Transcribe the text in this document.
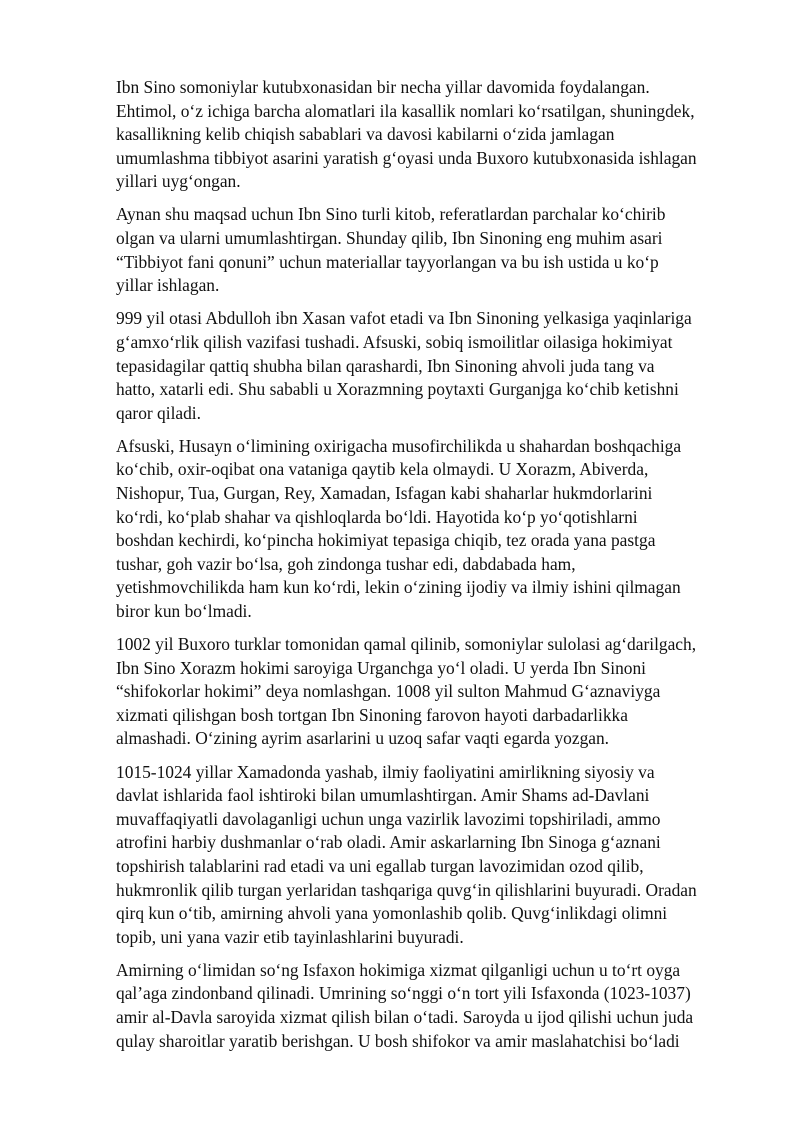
Ibn Sino somoniylar kutubxonasidan bir necha yillar davomida foydalangan.
Ehtimol, o‘z ichiga barcha alomatlari ila kasallik nomlari ko‘rsatilgan, shuningdek,
kasallikning kelib chiqish sabablari va davosi kabilarni o‘zida jamlagan
umumlashma tibbiyot asarini yaratish g‘oyasi unda Buxoro kutubxonasida ishlagan
yillari uyg‘ongan.

Aynan shu maqsad uchun Ibn Sino turli kitob, referatlardan parchalar ko‘chirib
olgan va ularni umumlashtirgan. Shunday qilib, Ibn Sinoning eng muhim asari
“Tibbiyot fani qonuni” uchun materiallar tayyorlangan va bu ish ustida u ko‘p
yillar ishlagan.

999 yil otasi Abdulloh ibn Xasan vafot etadi va Ibn Sinoning yelkasiga yaqinlariga
g‘amxo‘rlik qilish vazifasi tushadi. Afsuski, sobiq ismoilitlar oilasiga hokimiyat
tepasidagilar qattiq shubha bilan qarashardi, Ibn Sinoning ahvoli juda tang va
hatto, xatarli edi. Shu sababli u Xorazmning poytaxti Gurganjga ko‘chib ketishni
qaror qiladi.

Afsuski, Husayn o‘limining oxirigacha musofirchilikda u shahardan boshqachiga
ko‘chib, oxir-oqibat ona vataniga qaytib kela olmaydi. U Xorazm, Abiverda,
Nishopur, Tua, Gurgan, Rey, Xamadan, Isfagan kabi shaharlar hukmdorlarini
ko‘rdi, ko‘plab shahar va qishloqlarda bo‘ldi. Hayotida ko‘p yo‘qotishlarni
boshdan kechirdi, ko‘pincha hokimiyat tepasiga chiqib, tez orada yana pastga
tushar, goh vazir bo‘lsa, goh zindonga tushar edi, dabdabada ham,
yetishmovchilikda ham kun ko‘rdi, lekin o‘zining ijodiy va ilmiy ishini qilmagan
biror kun bo‘lmadi.

1002 yil Buxoro turklar tomonidan qamal qilinib, somoniylar sulolasi ag‘darilgach,
Ibn Sino Xorazm hokimi saroyiga Urganchga yo‘l oladi. U yerda Ibn Sinoni
“shifokorlar hokimi” deya nomlashgan. 1008 yil sulton Mahmud G‘aznaviyga
xizmati qilishgan bosh tortgan Ibn Sinoning farovon hayoti darbadarlikka
almashadi. O‘zining ayrim asarlarini u uzoq safar vaqti egarda yozgan.

1015-1024 yillar Xamadonda yashab, ilmiy faoliyatini amirlikning siyosiy va
davlat ishlarida faol ishtiroki bilan umumlashtirgan. Amir Shams ad-Davlani
muvaffaqiyatli davolaganligi uchun unga vazirlik lavozimi topshiriladi, ammo
atrofini harbiy dushmanlar o‘rab oladi. Amir askarlarning Ibn Sinoga g‘aznani
topshirish talablarini rad etadi va uni egallab turgan lavozimidan ozod qilib,
hukmronlik qilib turgan yerlaridan tashqariga quvg‘in qilishlarini buyuradi. Oradan
qirq kun o‘tib, amirning ahvoli yana yomonlashib qolib. Quvg‘inlikdagi olimni
topib, uni yana vazir etib tayinlashlarini buyuradi.

Amirning o‘limidan so‘ng Isfaxon hokimiga xizmat qilganligi uchun u to‘rt oyga
qal’aga zindonband qilinadi. Umrining so‘nggi o‘n tort yili Isfaxonda (1023-1037)
amir al-Davla saroyida xizmat qilish bilan o‘tadi. Saroyda u ijod qilishi uchun juda
qulay sharoitlar yaratib berishgan. U bosh shifokor va amir maslahatchisi bo‘ladi
